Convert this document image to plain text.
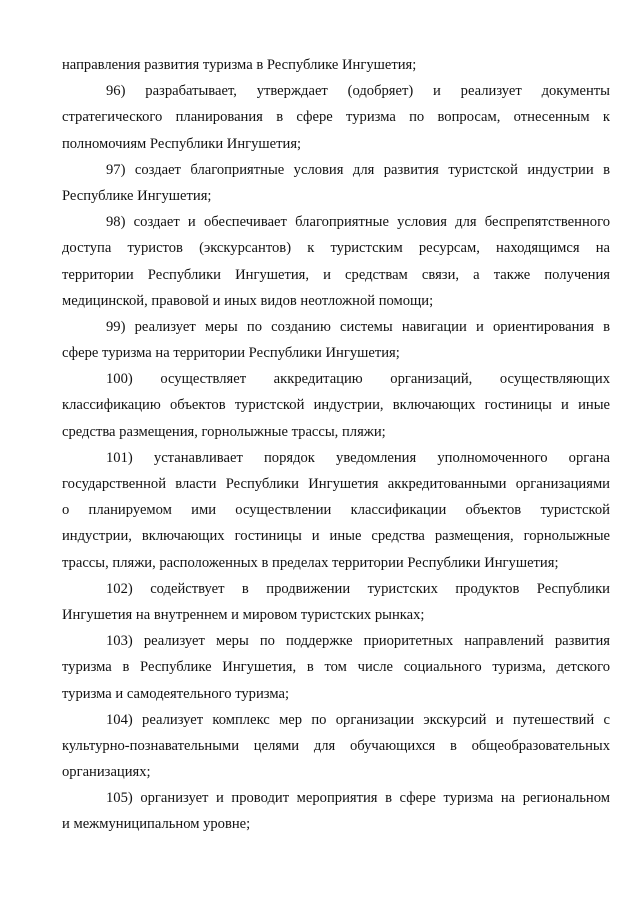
направления развития туризма в Республике Ингушетия;
96) разрабатывает, утверждает (одобряет) и реализует документы
стратегического планирования в сфере туризма по вопросам, отнесенным к
полномочиям Республики Ингушетия;
97) создает благоприятные условия для развития туристской индустрии в
Республике Ингушетия;
98) создает и обеспечивает благоприятные условия для беспрепятственного
доступа туристов (экскурсантов) к туристским ресурсам, находящимся на
территории Республики Ингушетия, и средствам связи, а также получения
медицинской, правовой и иных видов неотложной помощи;
99) реализует меры по созданию системы навигации и ориентирования в
сфере туризма на территории Республики Ингушетия;
100) осуществляет аккредитацию организаций, осуществляющих
классификацию объектов туристской индустрии, включающих гостиницы и иные
средства размещения, горнолыжные трассы, пляжи;
101) устанавливает порядок уведомления уполномоченного органа
государственной власти Республики Ингушетия аккредитованными организациями
о планируемом ими осуществлении классификации объектов туристской
индустрии, включающих гостиницы и иные средства размещения, горнолыжные
трассы, пляжи, расположенных в пределах территории Республики Ингушетия;
102) содействует в продвижении туристских продуктов Республики
Ингушетия на внутреннем и мировом туристских рынках;
103) реализует меры по поддержке приоритетных направлений развития
туризма в Республике Ингушетия, в том числе социального туризма, детского
туризма и самодеятельного туризма;
104) реализует комплекс мер по организации экскурсий и путешествий с
культурно-познавательными целями для обучающихся в общеобразовательных
организациях;
105) организует и проводит мероприятия в сфере туризма на региональном
и межмуниципальном уровне;
